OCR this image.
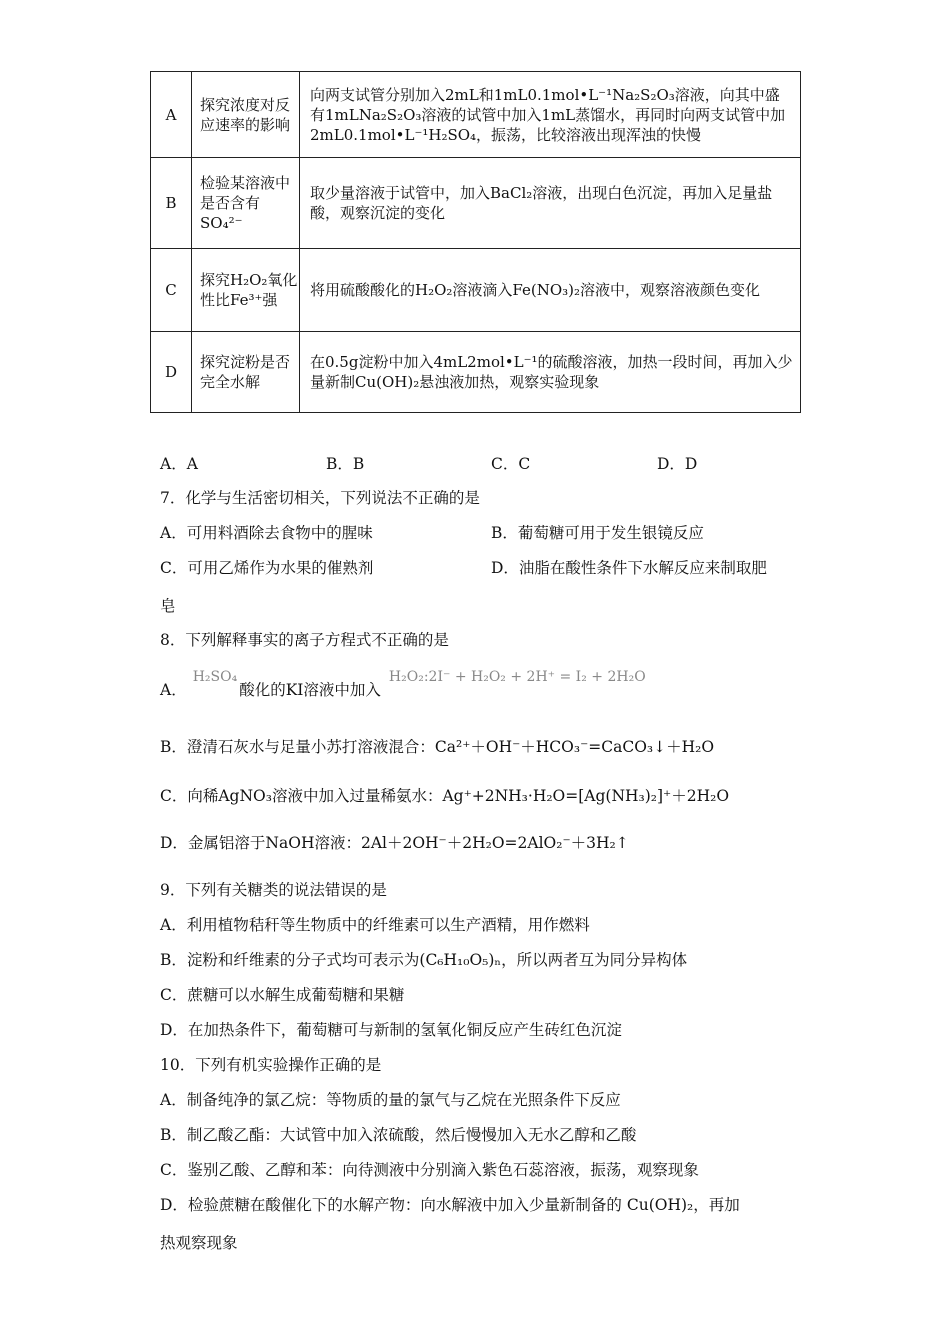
A	探究浓度对反应速率的影响	向两支试管分别加入2mL和1mL0.1mol•L⁻¹Na₂S₂O₃溶液，向其中盛有1mLNa₂S₂O₃溶液的试管中加入1mL蒸馏水，再同时向两支试管中加2mL0.1mol•L⁻¹H₂SO₄，振荡，比较溶液出现浑浊的快慢
B	检验某溶液中是否含有SO₄²⁻	取少量溶液于试管中，加入BaCl₂溶液，出现白色沉淀，再加入足量盐酸，观察沉淀的变化
C	探究H₂O₂氧化性比Fe³⁺强	将用硫酸酸化的H₂O₂溶液滴入Fe(NO₃)₂溶液中，观察溶液颜色变化
D	探究淀粉是否完全水解	在0.5g淀粉中加入4mL2mol•L⁻¹的硫酸溶液，加热一段时间，再加入少量新制Cu(OH)₂悬浊液加热，观察实验现象
A．A	B．B	C．C	D．D
7．化学与生活密切相关，下列说法不正确的是
A．可用料酒除去食物中的腥味	B．葡萄糖可用于发生银镜反应
C．可用乙烯作为水果的催熟剂	D．油脂在酸性条件下水解反应来制取肥
皂
8．下列解释事实的离子方程式不正确的是
A．H₂SO₄酸化的KI溶液中加入H₂O₂:2I⁻ + H₂O₂ + 2H⁺ = I₂ + 2H₂O
B．澄清石灰水与足量小苏打溶液混合：Ca²⁺＋OH⁻＋HCO₃⁻=CaCO₃↓＋H₂O
C．向稀AgNO₃溶液中加入过量稀氨水：Ag⁺+2NH₃·H₂O=[Ag(NH₃)₂]⁺＋2H₂O
D．金属铝溶于NaOH溶液：2Al＋2OH⁻＋2H₂O=2AlO₂⁻＋3H₂↑
9．下列有关糖类的说法错误的是
A．利用植物秸秆等生物质中的纤维素可以生产酒精，用作燃料
B．淀粉和纤维素的分子式均可表示为(C₆H₁₀O₅)ₙ，所以两者互为同分异构体
C．蔗糖可以水解生成葡萄糖和果糖
D．在加热条件下，葡萄糖可与新制的氢氧化铜反应产生砖红色沉淀
10．下列有机实验操作正确的是
A．制备纯净的氯乙烷：等物质的量的氯气与乙烷在光照条件下反应
B．制乙酸乙酯：大试管中加入浓硫酸，然后慢慢加入无水乙醇和乙酸
C．鉴别乙酸、乙醇和苯：向待测液中分别滴入紫色石蕊溶液，振荡，观察现象
D．检验蔗糖在酸催化下的水解产物：向水解液中加入少量新制备的 Cu(OH)₂，再加
热观察现象
